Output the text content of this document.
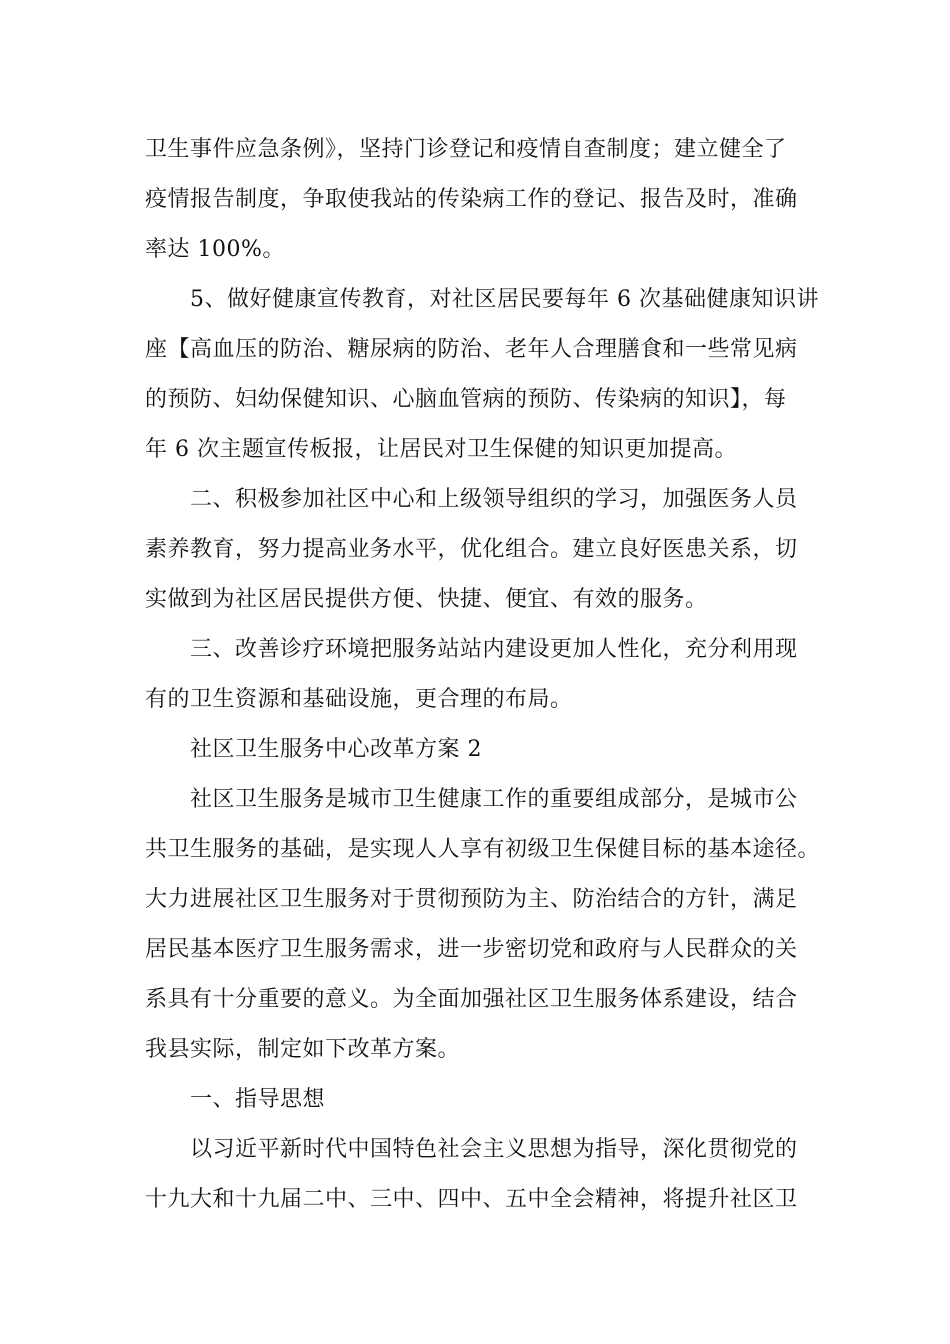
卫生事件应急条例》，坚持门诊登记和疫情自查制度；建立健全了
疫情报告制度，争取使我站的传染病工作的登记、报告及时，准确
率达 100%。
5、做好健康宣传教育，对社区居民要每年 6 次基础健康知识讲
座【高血压的防治、糖尿病的防治、老年人合理膳食和一些常见病
的预防、妇幼保健知识、心脑血管病的预防、传染病的知识】，每
年 6 次主题宣传板报，让居民对卫生保健的知识更加提高。
二、积极参加社区中心和上级领导组织的学习，加强医务人员
素养教育，努力提高业务水平，优化组合。建立良好医患关系，切
实做到为社区居民提供方便、快捷、便宜、有效的服务。
三、改善诊疗环境把服务站站内建设更加人性化，充分利用现
有的卫生资源和基础设施，更合理的布局。
社区卫生服务中心改革方案 2
社区卫生服务是城市卫生健康工作的重要组成部分，是城市公
共卫生服务的基础，是实现人人享有初级卫生保健目标的基本途径。
大力进展社区卫生服务对于贯彻预防为主、防治结合的方针，满足
居民基本医疗卫生服务需求，进一步密切党和政府与人民群众的关
系具有十分重要的意义。为全面加强社区卫生服务体系建设，结合
我县实际，制定如下改革方案。
一、指导思想
以习近平新时代中国特色社会主义思想为指导，深化贯彻党的
十九大和十九届二中、三中、四中、五中全会精神，将提升社区卫
